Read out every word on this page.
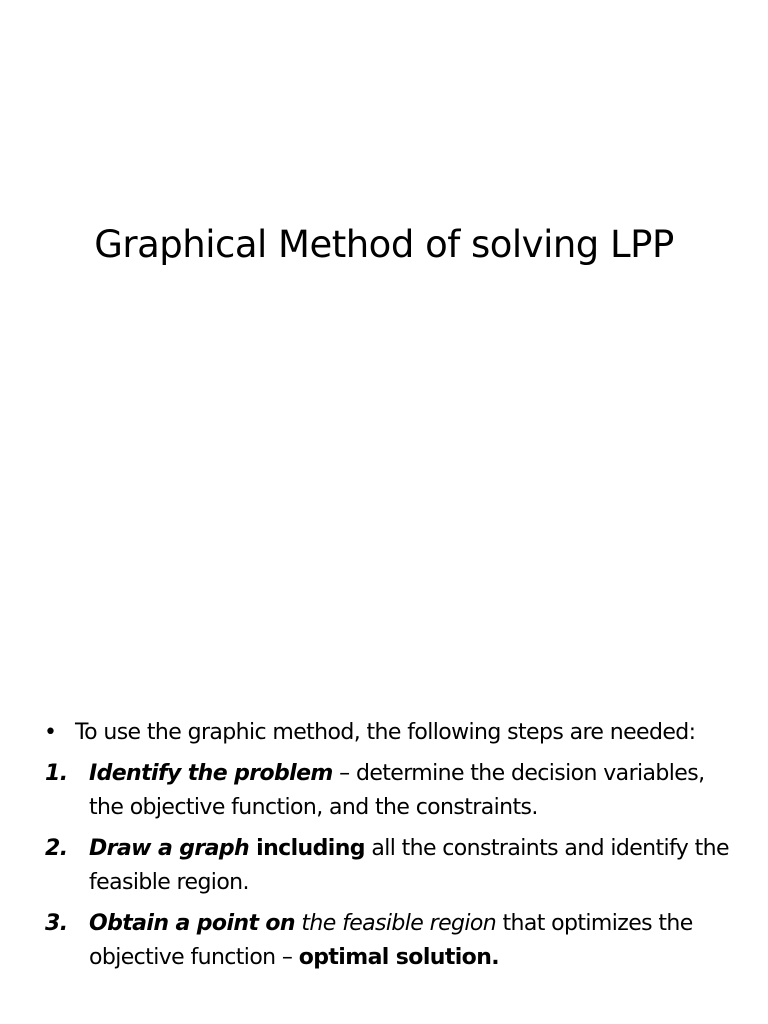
Graphical Method of solving LPP
• To use the graphic method, the following steps are needed:
1. Identify the problem – determine the decision variables, the objective function, and the constraints.
2. Draw a graph including all the constraints and identify the feasible region.
3. Obtain a point on the feasible region that optimizes the objective function – optimal solution.
